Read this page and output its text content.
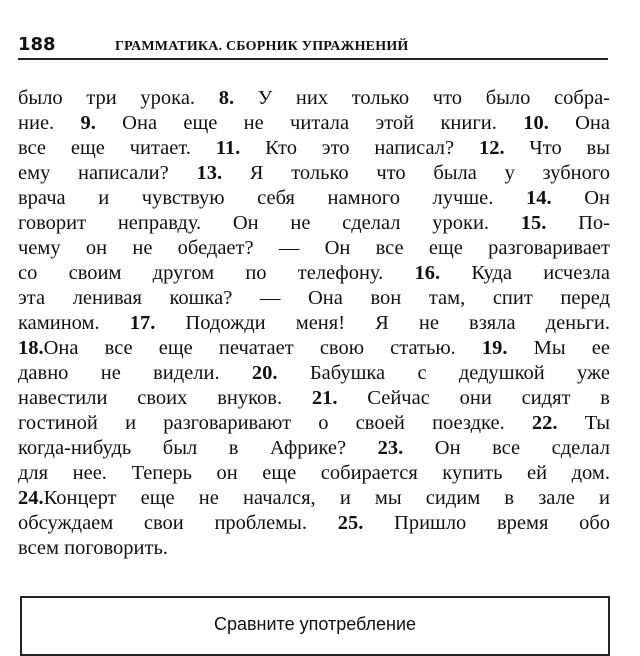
188	ГРАММАТИКА. СБОРНИК УПРАЖНЕНИЙ
было три урока. 8. У них только что было собра-
ние. 9. Она еще не читала этой книги. 10. Она
все еще читает. 11. Кто это написал? 12. Что вы
ему написали? 13. Я только что была у зубного
врача и чувствую себя намного лучше. 14. Он
говорит неправду. Он не сделал уроки. 15. По-
чему он не обедает? — Он все еще разговаривает
со своим другом по телефону. 16. Куда исчезла
эта ленивая кошка? — Она вон там, спит перед
камином. 17. Подожди меня! Я не взяла деньги.
18.Она все еще печатает свою статью. 19. Мы ее
давно не видели. 20. Бабушка с дедушкой уже
навестили своих внуков. 21. Сейчас они сидят в
гостиной и разговаривают о своей поездке. 22. Ты
когда-нибудь был в Африке? 23. Он все сделал
для нее. Теперь он еще собирается купить ей дом.
24.Концерт еще не начался, и мы сидим в зале и
обсуждаем свои проблемы. 25. Пришло время обо
всем поговорить.
Сравните употребление
